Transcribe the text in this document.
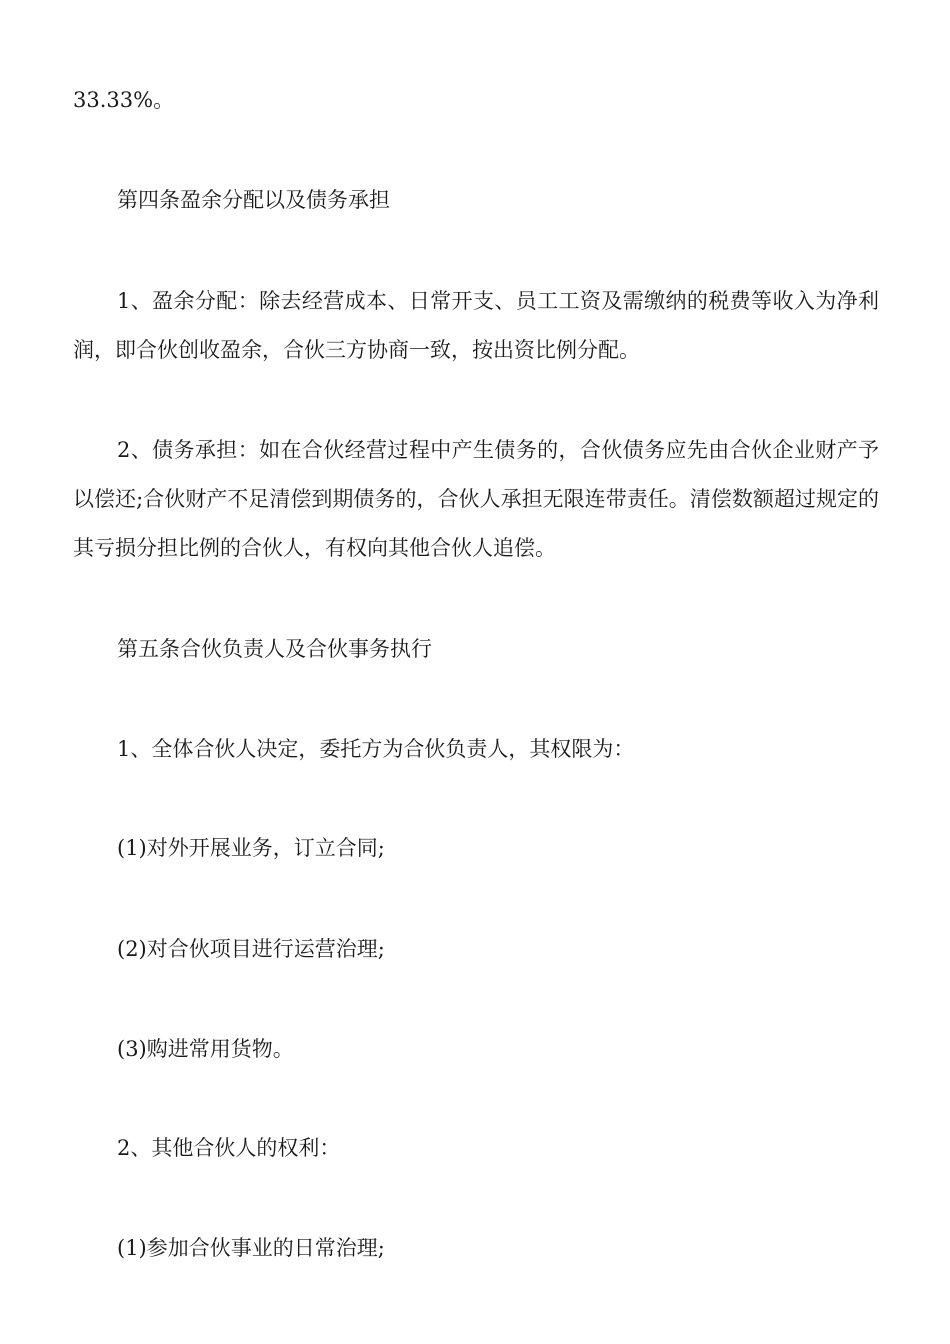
33.33%。

第四条盈余分配以及债务承担

1、盈余分配：除去经营成本、日常开支、员工工资及需缴纳的税费等收入为净利润，即合伙创收盈余，合伙三方协商一致，按出资比例分配。

2、债务承担：如在合伙经营过程中产生债务的，合伙债务应先由合伙企业财产予以偿还;合伙财产不足清偿到期债务的，合伙人承担无限连带责任。清偿数额超过规定的其亏损分担比例的合伙人，有权向其他合伙人追偿。

第五条合伙负责人及合伙事务执行

1、全体合伙人决定，委托方为合伙负责人，其权限为：

(1)对外开展业务，订立合同;

(2)对合伙项目进行运营治理;

(3)购进常用货物。

2、其他合伙人的权利：

(1)参加合伙事业的日常治理;
